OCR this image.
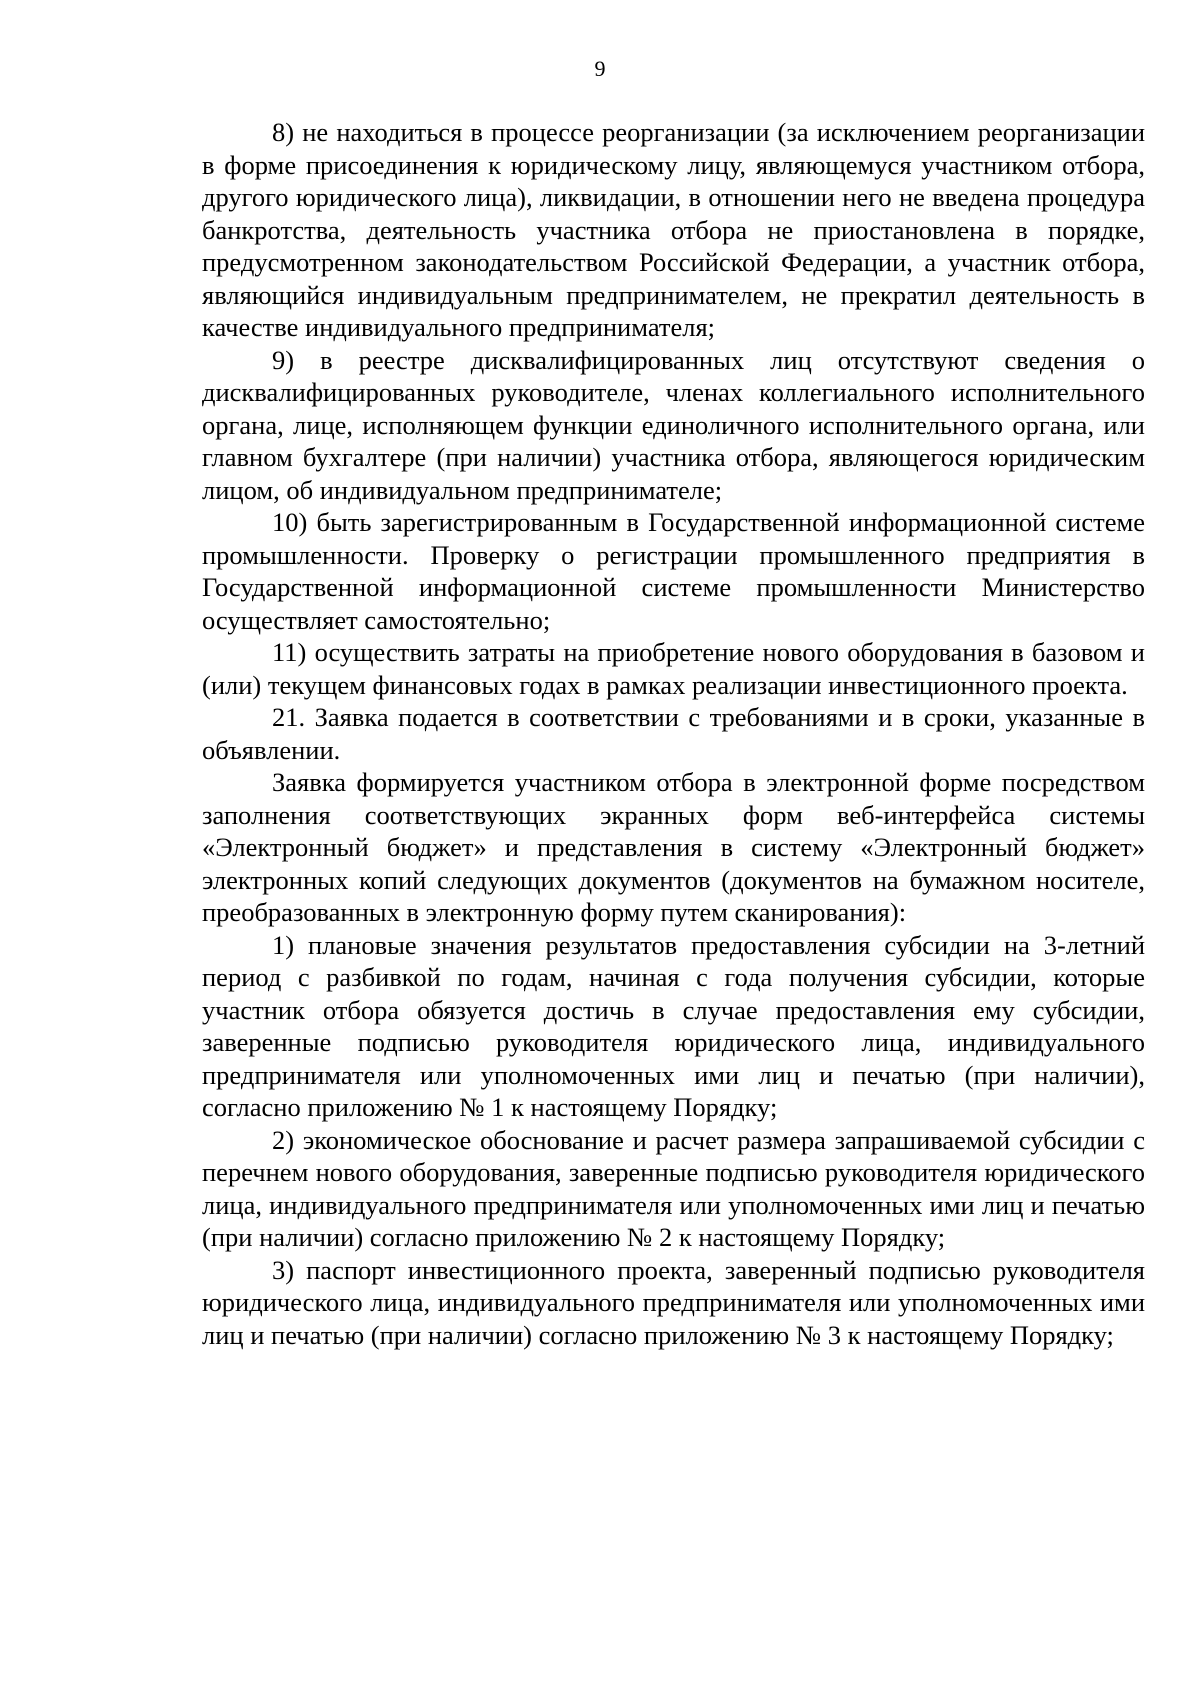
9

8) не находиться в процессе реорганизации (за исключением реорганизации в форме присоединения к юридическому лицу, являющемуся участником отбора, другого юридического лица), ликвидации, в отношении него не введена процедура банкротства, деятельность участника отбора не приостановлена в порядке, предусмотренном законодательством Российской Федерации, а участник отбора, являющийся индивидуальным предпринимателем, не прекратил деятельность в качестве индивидуального предпринимателя;

9) в реестре дисквалифицированных лиц отсутствуют сведения о дисквалифицированных руководителе, членах коллегиального исполнительного органа, лице, исполняющем функции единоличного исполнительного органа, или главном бухгалтере (при наличии) участника отбора, являющегося юридическим лицом, об индивидуальном предпринимателе;

10) быть зарегистрированным в Государственной информационной системе промышленности. Проверку о регистрации промышленного предприятия в Государственной информационной системе промышленности Министерство осуществляет самостоятельно;

11) осуществить затраты на приобретение нового оборудования в базовом и (или) текущем финансовых годах в рамках реализации инвестиционного проекта.

21. Заявка подается в соответствии с требованиями и в сроки, указанные в объявлении.

Заявка формируется участником отбора в электронной форме посредством заполнения соответствующих экранных форм веб-интерфейса системы «Электронный бюджет» и представления в систему «Электронный бюджет» электронных копий следующих документов (документов на бумажном носителе, преобразованных в электронную форму путем сканирования):

1) плановые значения результатов предоставления субсидии на 3-летний период с разбивкой по годам, начиная с года получения субсидии, которые участник отбора обязуется достичь в случае предоставления ему субсидии, заверенные подписью руководителя юридического лица, индивидуального предпринимателя или уполномоченных ими лиц и печатью (при наличии), согласно приложению № 1 к настоящему Порядку;

2) экономическое обоснование и расчет размера запрашиваемой субсидии с перечнем нового оборудования, заверенные подписью руководителя юридического лица, индивидуального предпринимателя или уполномоченных ими лиц и печатью (при наличии) согласно приложению № 2 к настоящему Порядку;

3) паспорт инвестиционного проекта, заверенный подписью руководителя юридического лица, индивидуального предпринимателя или уполномоченных ими лиц и печатью (при наличии) согласно приложению № 3 к настоящему Порядку;
